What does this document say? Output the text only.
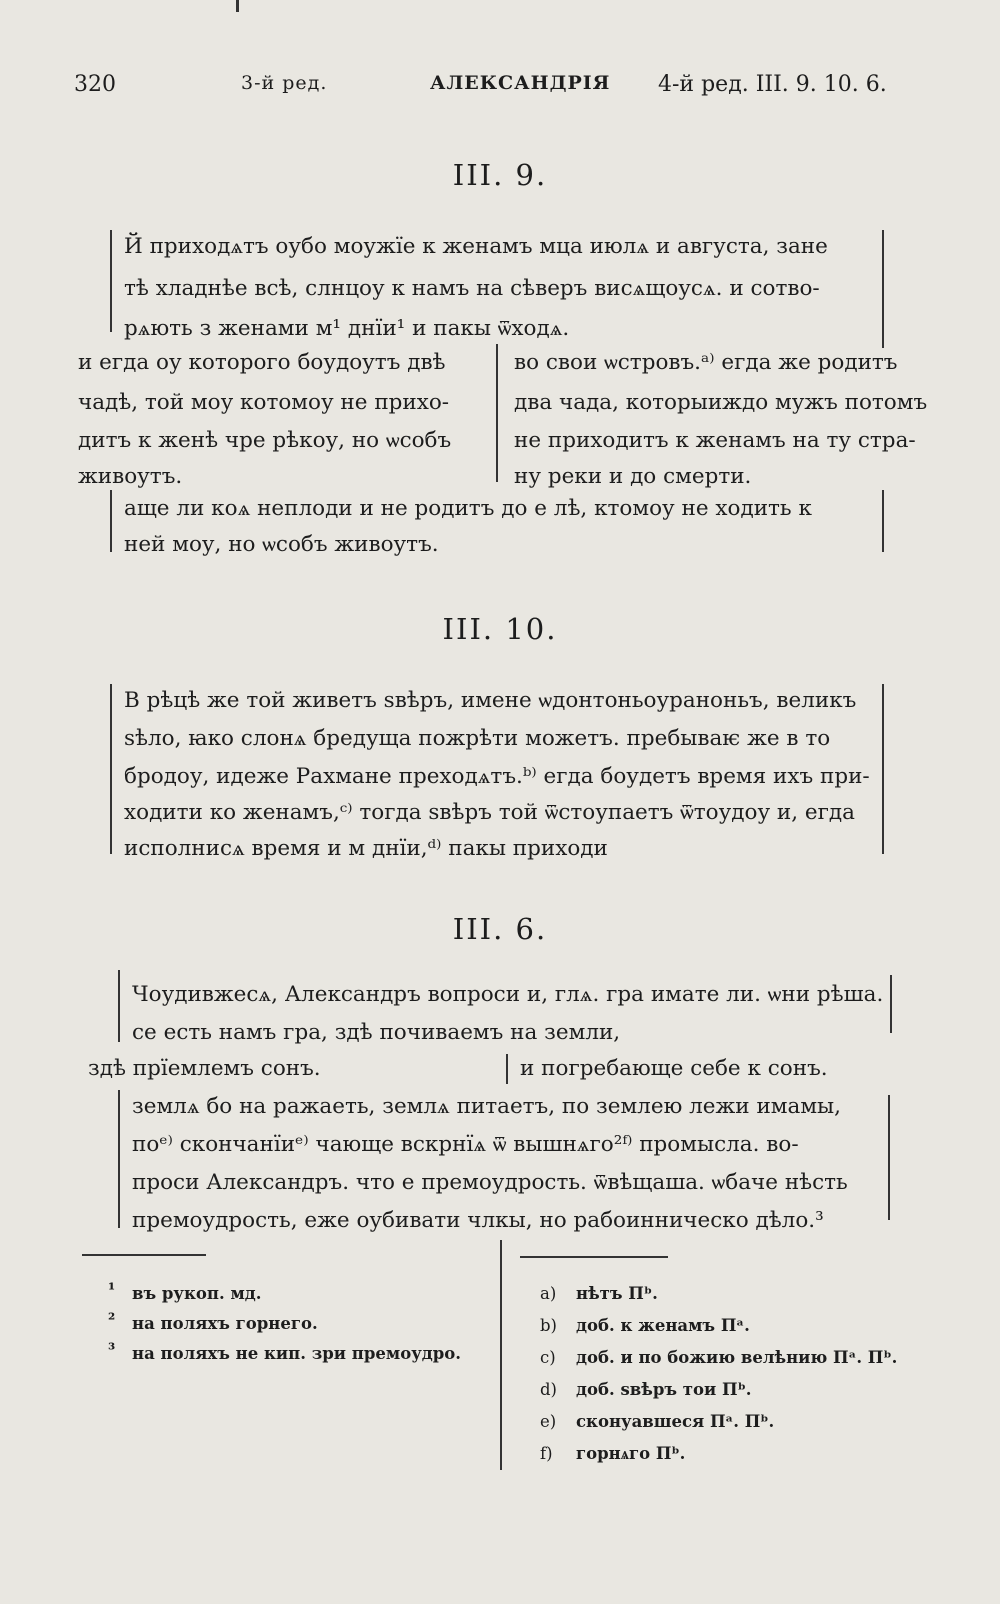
320	3-й ред.	АЛЕКСАНДРІЯ 4-й ред. III. 9. 10. 6.
III. 9.
Й приходѧтъ оубо моужїе к женамъ мца июлѧ и августа, зане
тѣ хладнѣе всѣ, слнцоу к намъ на сѣверъ висѧщоусѧ. и сотво-
рѧють з женами м¹ днїи¹ и пакы ѿходѧ.
и егда оу которого боудоутъ двѣ
чадѣ, той моу котомоу не прихо-
дитъ к женѣ чре рѣкоу, но ѡсобъ
живоутъ.
во свои ѡстровъ.ᵃ⁾ егда же родитъ
два чада, которыиждо мужъ потомъ
не приходитъ к женамъ на ту стра-
ну реки и до смерти.
аще ли коѧ неплоди и не родитъ до е лѣ, ктомоу не ходить к
ней моу, но ѡсобъ живоутъ.
III. 10.
В рѣцѣ же той живетъ ѕвѣръ, имене ѡдонтоньоураноньъ, великъ
ѕѣло, ꙗко слонѧ бредуща пожрѣти можетъ. пребываѥ же в то
бродоу, идеже Рахмане преходѧтъ.ᵇ⁾ егда боудетъ время ихъ при-
ходити ко женамъ,ᶜ⁾ тогда ѕвѣръ той ѿстоупаетъ ѿтоудоу и, егда
исполнисѧ время и м днїи,ᵈ⁾ пакы приходи
III. 6.
Чоудивжесѧ, Александръ вопроси и, глѧ. гра имате ли. ѡни рѣша.
се есть намъ гра, здѣ почиваемъ на земли,
здѣ прїемлемъ сонъ.	и погребающе себе к сонъ.
землѧ бо на ражаеть, землѧ питаетъ, по землею лежи имамы,
поᵉ⁾ скончанїиᵉ⁾ чающе вскрнїѧ ѿ вышнѧго²ᶠ⁾ промысла. во-
проси Александръ. что е премоудрость. ѿвѣщаша. ѡбаче нѣсть
премоудрость, еже оубивати члкы, но рабоинническо дѣло.³
¹ въ рукоп. мд.
² на поляхъ горнего.
³ на поляхъ не кип. зри премоудро.
a) нѣтъ Пᵇ.
b) доб. к женамъ Пᵃ.
c) доб. и по божию велѣнию Пᵃ. Пᵇ.
d) доб. ѕвѣръ тои Пᵇ.
e) сконуавшеся Пᵃ. Пᵇ.
f) горнѧго Пᵇ.
